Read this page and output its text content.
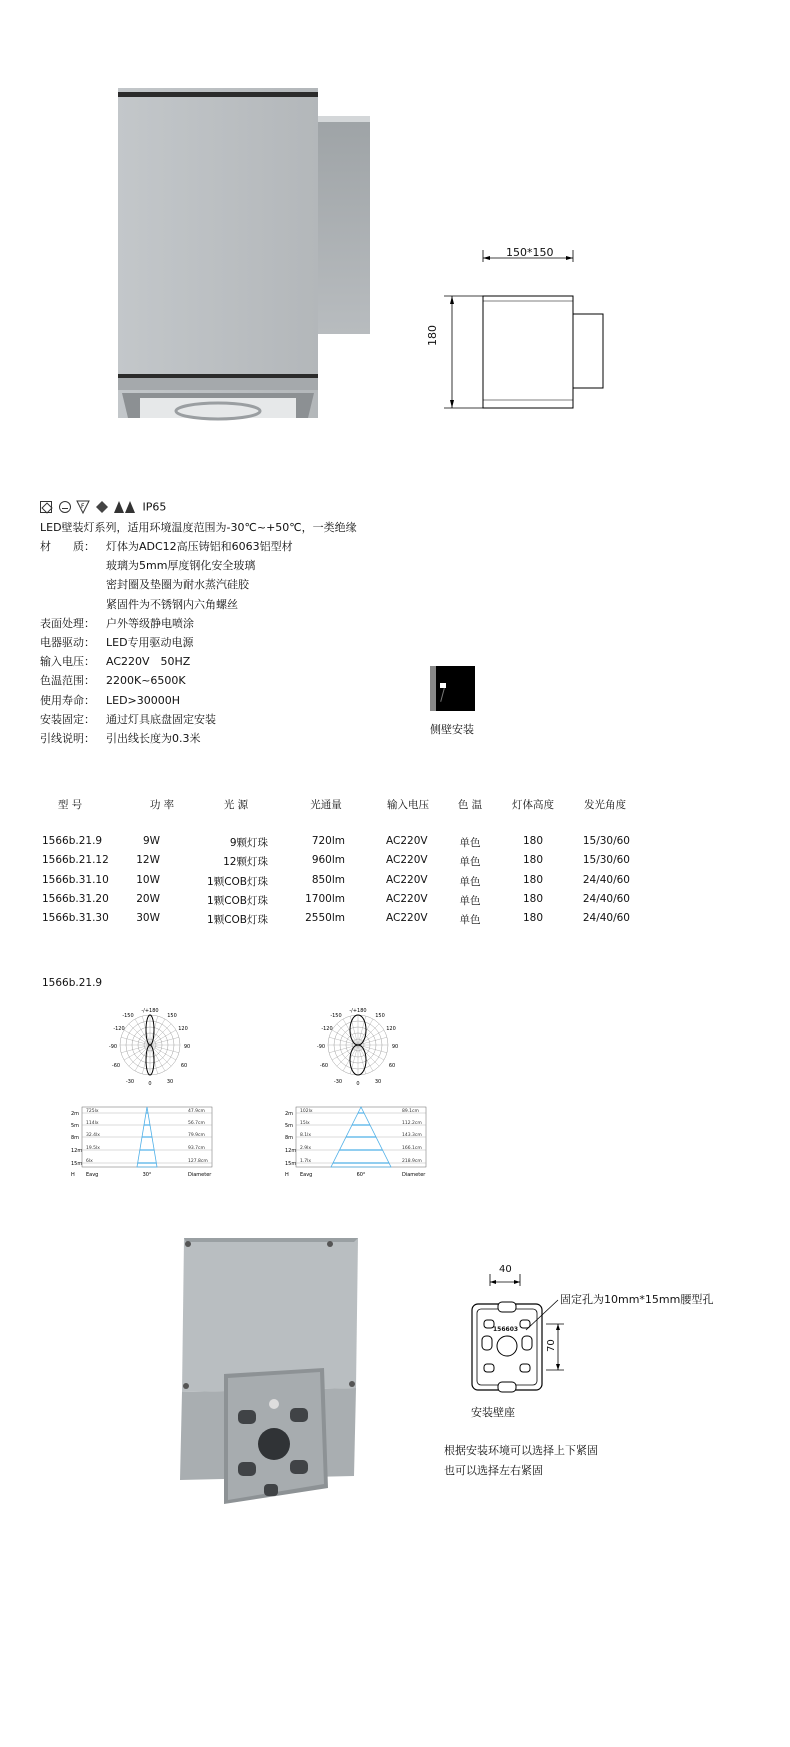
150*150
180

F	IP65
LED壁装灯系列，适用环境温度范围为-30℃~+50℃，一类绝缘
材　　质： 灯体为ADC12高压铸铝和6063铝型材
玻璃为5mm厚度钢化安全玻璃
密封圈及垫圈为耐水蒸汽硅胶
紧固件为不锈钢内六角螺丝
表面处理： 户外等级静电喷涂
电器驱动： LED专用驱动电源
输入电压： AC220V　50HZ
色温范围： 2200K~6500K
使用寿命： LED>30000H
安装固定： 通过灯具底盘固定安装
引线说明： 引出线长度为0.3米
侧壁安装
型 号	功 率	光 源	光通量	输入电压	色 温	灯体高度	发光角度
1566b.21.9	9W	9颗灯珠	720lm	AC220V	单色	180	15/30/60
1566b.21.12	12W	12颗灯珠	960lm	AC220V	单色	180	15/30/60
1566b.31.10	10W	1颗COB灯珠	850lm	AC220V	单色	180	24/40/60
1566b.31.20	20W	1颗COB灯珠	1700lm	AC220V	单色	180	24/40/60
1566b.31.30	30W	1颗COB灯珠	2550lm	AC220V	单色	180	24/40/60
1566b.21.9
-/+180
-150	150
-120	120
-90	90
-60	60
-30	30
0
-/+180
-150	150
-120	120
-90	90
-60	60
-30	30
0
2m 725lx	47.9cm
5m 114lx	56.7cm
8m 32.4lx	79.9cm
12m 19.5lx	93.7cm
15m 6lx	127.8cm
H Eavg	30°	Diameter
2m 102lx	89.1cm
5m 15lx	112.2cm
8m 8.1lx	143.3cm
12m 2.9lx	166.1cm
15m 1.7lx	218.9cm
H Eavg	60°	Diameter
40
70
156603
固定孔为10mm*15mm腰型孔
安装壁座
根据安装环境可以选择上下紧固
也可以选择左右紧固
